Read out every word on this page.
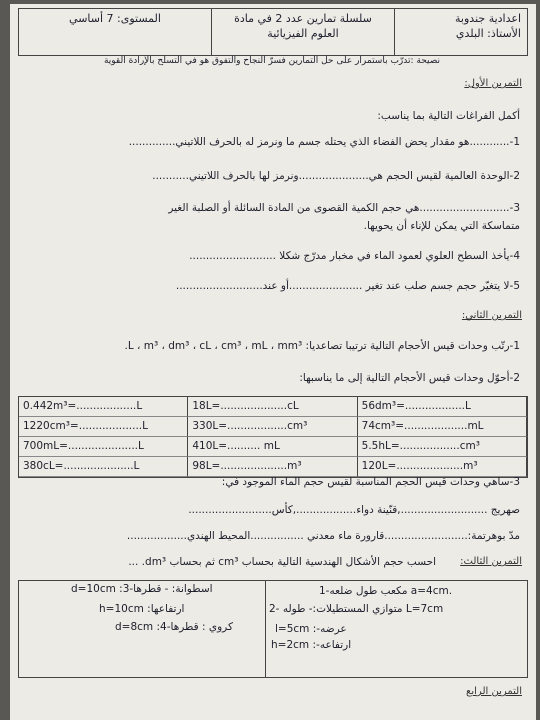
اعدادية جندوبة
الأستاذ: البلدي
سلسلة تمارين عدد 2 في مادة
العلوم الفيزيائية
المستوى: 7 أساسي
نصيحة :تدرّب باستمرار على حل التمارين فسرّ النجاح والتفوق هو في التسلح بالإرادة القوية
التمرين الأول:
أكمل الفراغات التالية بما يناسب:
1-............هو مقدار يحض الفضاء الذي يحتله جسم ما ونرمز له بالحرف اللاتيني..............
2-الوحدة العالمية لقيس الحجم هي.....................ونرمز لها بالحرف اللاتيني...........
3-...........................هي حجم الكمية القصوى من المادة السائلة أو الصلبة الغير
متماسكة التي يمكن للإناء أن يحويها.
4-يأخذ السطح العلوي لعمود الماء في مخبار مدرّج شكلا ..........................
5-لا يتغيّر حجم جسم صلب عند تغير ......................أو عند..........................
التمرين الثاني:
1-رتّب وحدات قيس الأحجام التالية ترتيبا تصاعديا: L ، m³ ، dm³ ، cL ، cm³ ، mL ، mm³.
2-أحوّل وحدات قيس الأحجام التالية إلى ما يناسبها:
0.442m³=..................L	18L=....................cL	56dm³=..................L
1220cm³=...................L	330L=..................cm³	74cm³=...................mL
700mL=.....................L	410L=.......... mL	5.5hL=..................cm³
380cL=.....................L	98L=....................m³	120L=....................m³
3-ساهي وحدات قيس الحجم المناسبة لقيس حجم الماء الموجود في:
صهريج ..........................,قنّينة دواء..................,كأس.........................
مدّ بوهرتمة:.........................قارورة ماء معدني ................المحيط الهندي..................
التمرين الثالث:
احسب حجم الأشكال الهندسية التالية بحساب cm³ ثم بحساب dm³. ...
d=10cm :3-اسطوانة: - قطرها
h=10cm :ارتفاعها
d=8cm :4-كروي : قطرها
1-مكعب طول ضلعه a=4cm.
2- متوازي المستطيلات:- طوله L=7cm
l=5cm :-عرضه
h=2cm :-ارتفاعه
التمرين الرابع
